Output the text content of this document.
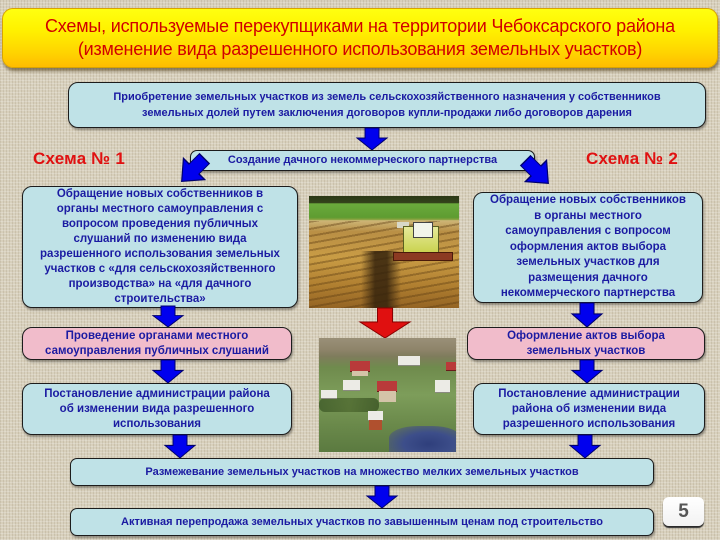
Схемы, используемые перекупщиками на территории Чебоксарского района
(изменение вида разрешенного использования земельных участков)
Приобретение земельных участков из земель сельскохозяйственного назначения у собственников
земельных долей путем заключения договоров купли-продажи либо договоров дарения
Схема № 1	Схема № 2
Создание дачного некоммерческого партнерства
Обращение новых собственников в
органы местного самоуправления с
вопросом проведения публичных
слушаний по изменению вида
разрешенного использования земельных
участков с «для сельскохозяйственного
производства» на «для дачного
строительства»
Проведение органами местного
самоуправления публичных слушаний
Постановление администрации района
об изменении вида разрешенного
использования
Обращение новых собственников
в органы местного
самоуправления с вопросом
оформления актов выбора
земельных участков для
размещения дачного
некоммерческого партнерства
Оформление актов выбора
земельных участков
Постановление администрации
района об изменении вида
разрешенного использования
Размежевание земельных участков на множество мелких земельных участков
Активная перепродажа земельных участков по завышенным ценам под строительство	5
